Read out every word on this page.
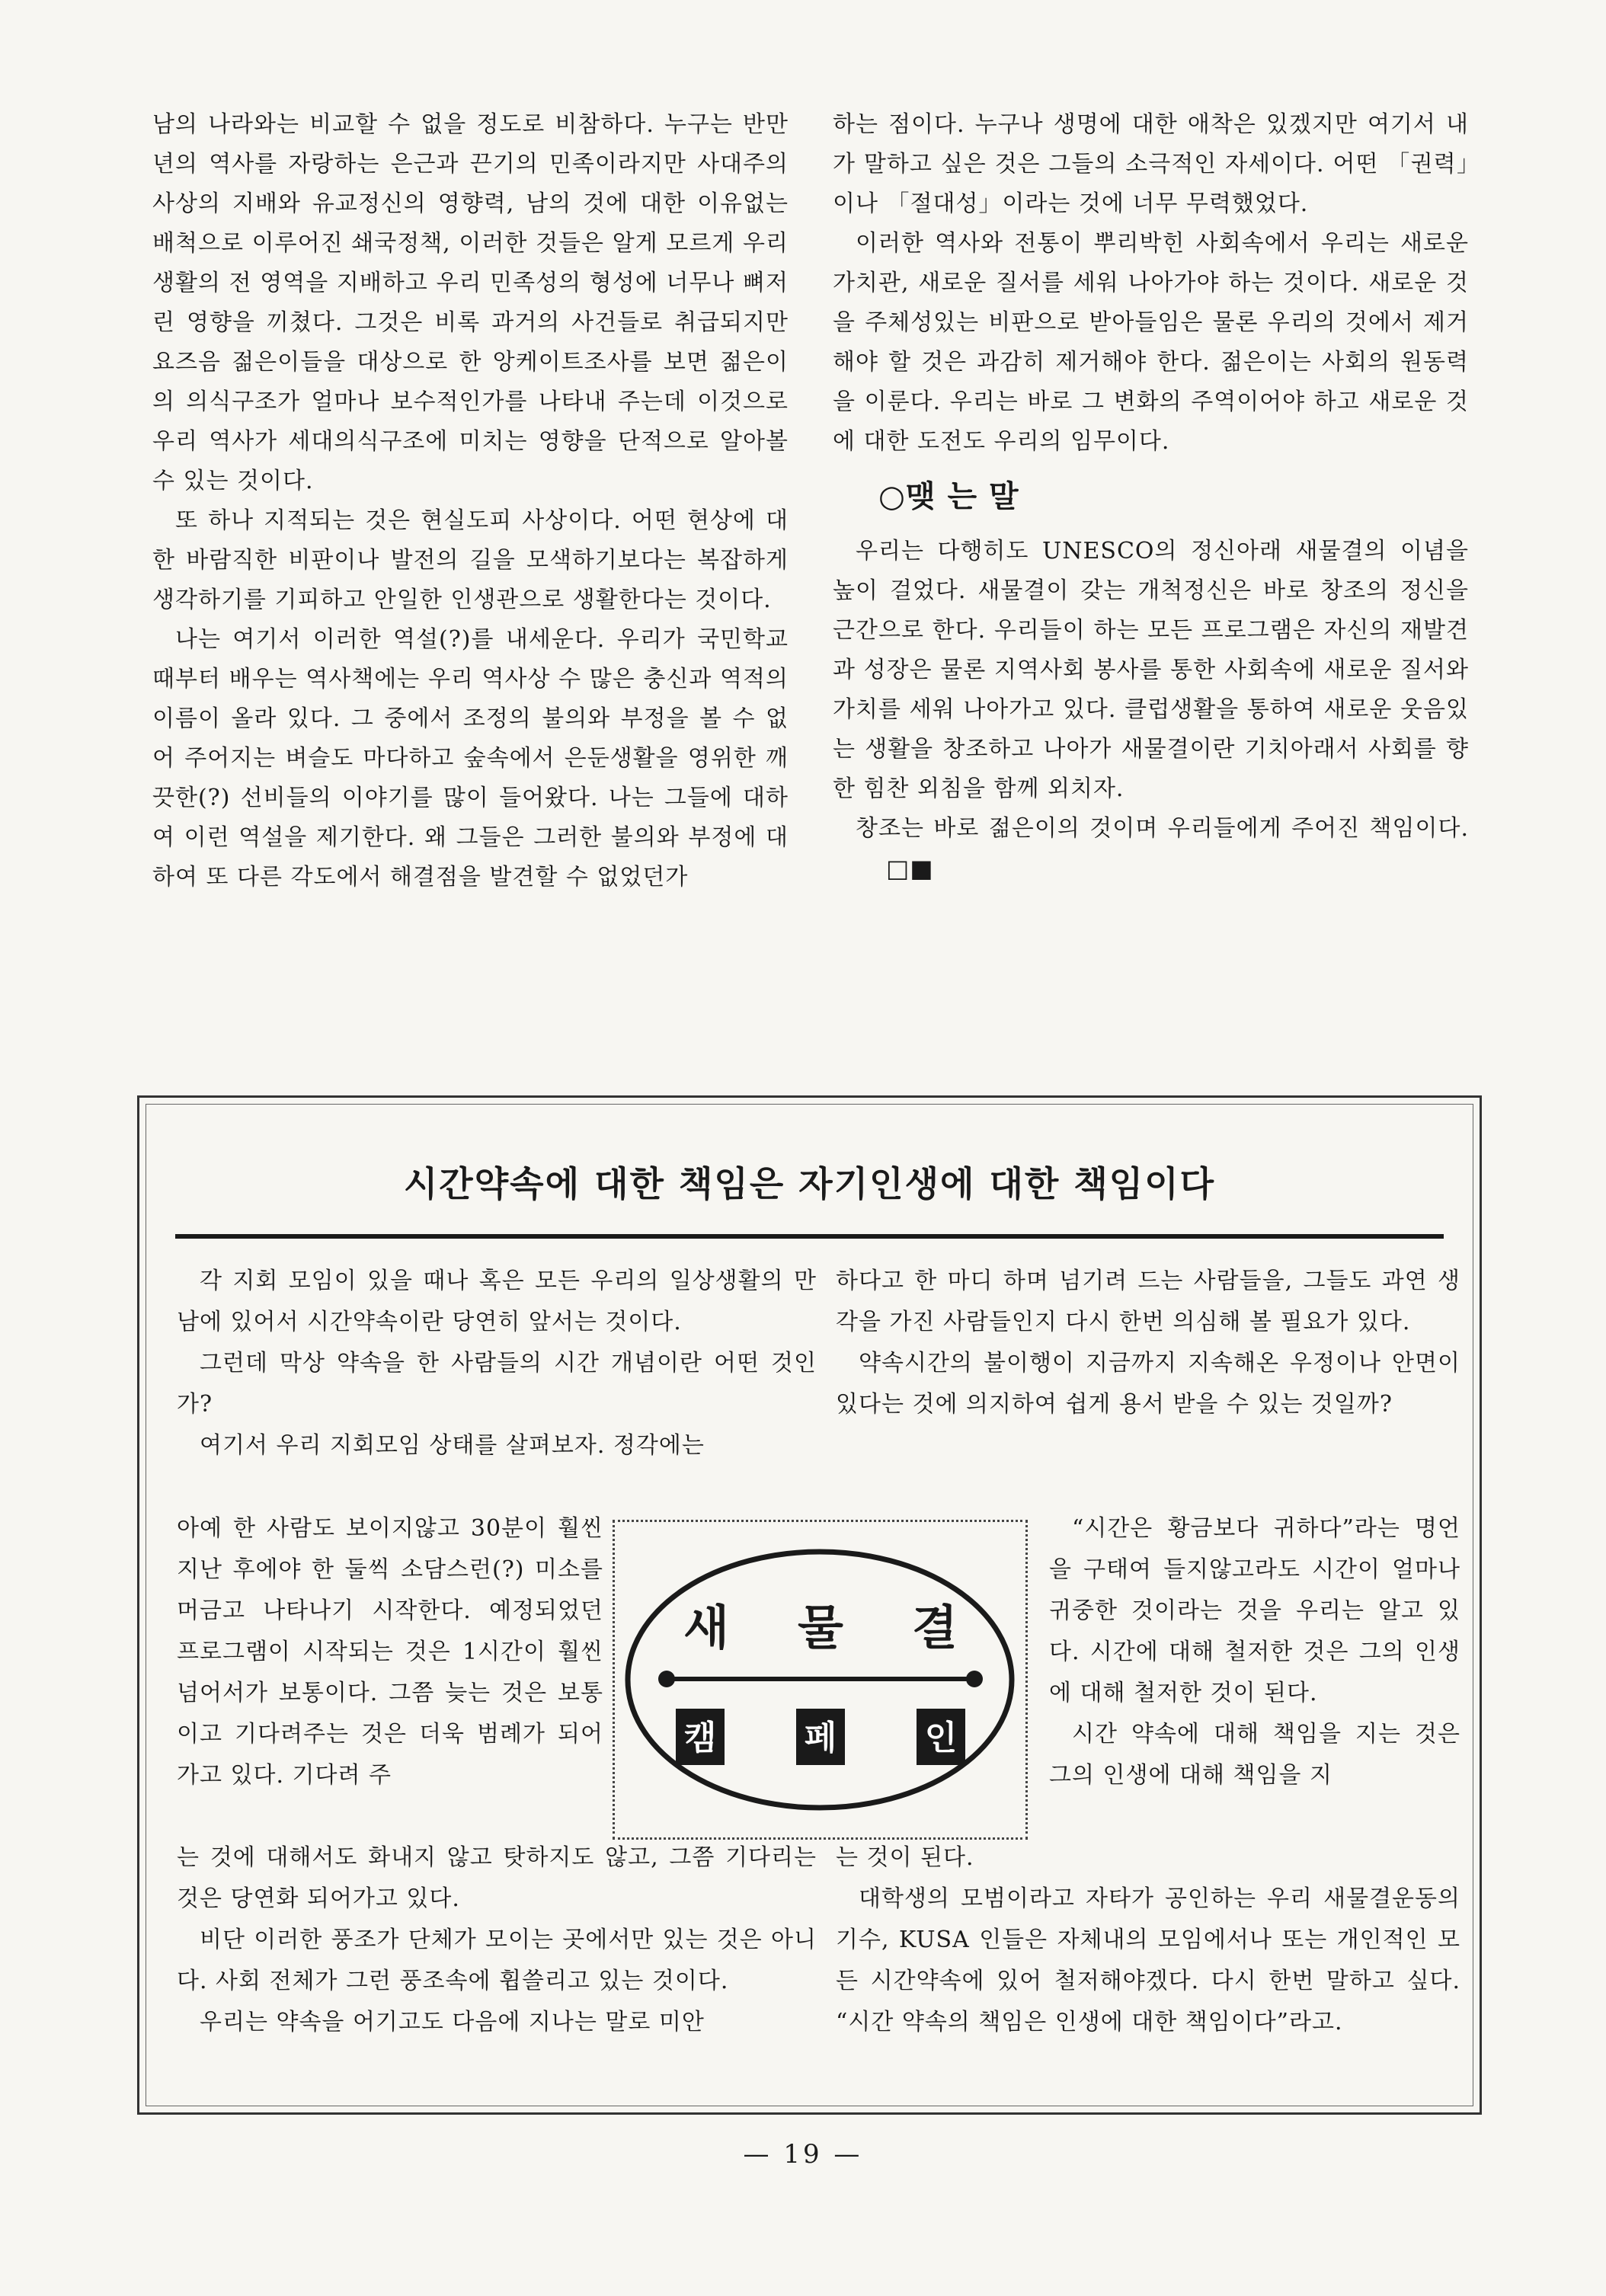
남의 나라와는 비교할 수 없을 정도로 비참하다. 누구는 반만년의 역사를 자랑하는 은근과 끈기의 민족이라지만 사대주의사상의 지배와 유교정신의 영향력, 남의 것에 대한 이유없는 배척으로 이루어진 쇄국정책, 이러한 것들은 알게 모르게 우리생활의 전 영역을 지배하고 우리 민족성의 형성에 너무나 뼈저린 영향을 끼쳤다. 그것은 비록 과거의 사건들로 취급되지만 요즈음 젊은이들을 대상으로 한 앙케이트조사를 보면 젊은이의 의식구조가 얼마나 보수적인가를 나타내 주는데 이것으로 우리 역사가 세대의식구조에 미치는 영향을 단적으로 알아볼 수 있는 것이다.

또 하나 지적되는 것은 현실도피 사상이다. 어떤 현상에 대한 바람직한 비판이나 발전의 길을 모색하기보다는 복잡하게 생각하기를 기피하고 안일한 인생관으로 생활한다는 것이다.

나는 여기서 이러한 역설(?)를 내세운다. 우리가 국민학교때부터 배우는 역사책에는 우리 역사상 수 많은 충신과 역적의 이름이 올라 있다. 그 중에서 조정의 불의와 부정을 볼 수 없어 주어지는 벼슬도 마다하고 숲속에서 은둔생활을 영위한 깨끗한(?) 선비들의 이야기를 많이 들어왔다. 나는 그들에 대하여 이런 역설을 제기한다. 왜 그들은 그러한 불의와 부정에 대하여 또 다른 각도에서 해결점을 발견할 수 없었던가

하는 점이다. 누구나 생명에 대한 애착은 있겠지만 여기서 내가 말하고 싶은 것은 그들의 소극적인 자세이다. 어떤 「권력」이나 「절대성」이라는 것에 너무 무력했었다.

이러한 역사와 전통이 뿌리박힌 사회속에서 우리는 새로운 가치관, 새로운 질서를 세워 나아가야 하는 것이다. 새로운 것을 주체성있는 비판으로 받아들임은 물론 우리의 것에서 제거해야 할 것은 과감히 제거해야 한다. 젊은이는 사회의 원동력을 이룬다. 우리는 바로 그 변화의 주역이어야 하고 새로운 것에 대한 도전도 우리의 임무이다.

○맺 는 말

우리는 다행히도 UNESCO의 정신아래 새물결의 이념을 높이 걸었다. 새물결이 갖는 개척정신은 바로 창조의 정신을 근간으로 한다. 우리들이 하는 모든 프로그램은 자신의 재발견과 성장은 물론 지역사회 봉사를 통한 사회속에 새로운 질서와 가치를 세워 나아가고 있다. 클럽생활을 통하여 새로운 웃음있는 생활을 창조하고 나아가 새물결이란 기치아래서 사회를 향한 힘찬 외침을 함께 외치자.

창조는 바로 젊은이의 것이며 우리들에게 주어진 책임이다.□■

시간약속에 대한 책임은 자기인생에 대한 책임이다

각 지회 모임이 있을 때나 혹은 모든 우리의 일상생활의 만남에 있어서 시간약속이란 당연히 앞서는 것이다.

그런데 막상 약속을 한 사람들의 시간 개념이란 어떤 것인가?

여기서 우리 지회모임 상태를 살펴보자. 정각에는

아예 한 사람도 보이지않고 30분이 훨씬 지난 후에야 한 둘씩 소담스런(?) 미소를 머금고 나타나기 시작한다. 예정되었던 프로그램이 시작되는 것은 1시간이 훨씬 넘어서가 보통이다. 그쯤 늦는 것은 보통이고 기다려주는 것은 더욱 범례가 되어 가고 있다. 기다려 주

는 것에 대해서도 화내지 않고 탓하지도 않고, 그쯤 기다리는 것은 당연화 되어가고 있다.

비단 이러한 풍조가 단체가 모이는 곳에서만 있는 것은 아니다. 사회 전체가 그런 풍조속에 휩쓸리고 있는 것이다.

우리는 약속을 어기고도 다음에 지나는 말로 미안

하다고 한 마디 하며 넘기려 드는 사람들을, 그들도 과연 생각을 가진 사람들인지 다시 한번 의심해 볼 필요가 있다.

약속시간의 불이행이 지금까지 지속해온 우정이나 안면이 있다는 것에 의지하여 쉽게 용서 받을 수 있는 것일까?

“시간은 황금보다 귀하다”라는 명언을 구태여 들지않고라도 시간이 얼마나 귀중한 것이라는 것을 우리는 알고 있다. 시간에 대해 철저한 것은 그의 인생에 대해 철저한 것이 된다.

시간 약속에 대해 책임을 지는 것은 그의 인생에 대해 책임을 지

는 것이 된다.

대학생의 모범이라고 자타가 공인하는 우리 새물결운동의 기수, KUSA 인들은 자체내의 모임에서나 또는 개인적인 모든 시간약속에 있어 철저해야겠다. 다시 한번 말하고 싶다. “시간 약속의 책임은 인생에 대한 책임이다”라고.

새 물 결
캠	페	인
— 19 —
